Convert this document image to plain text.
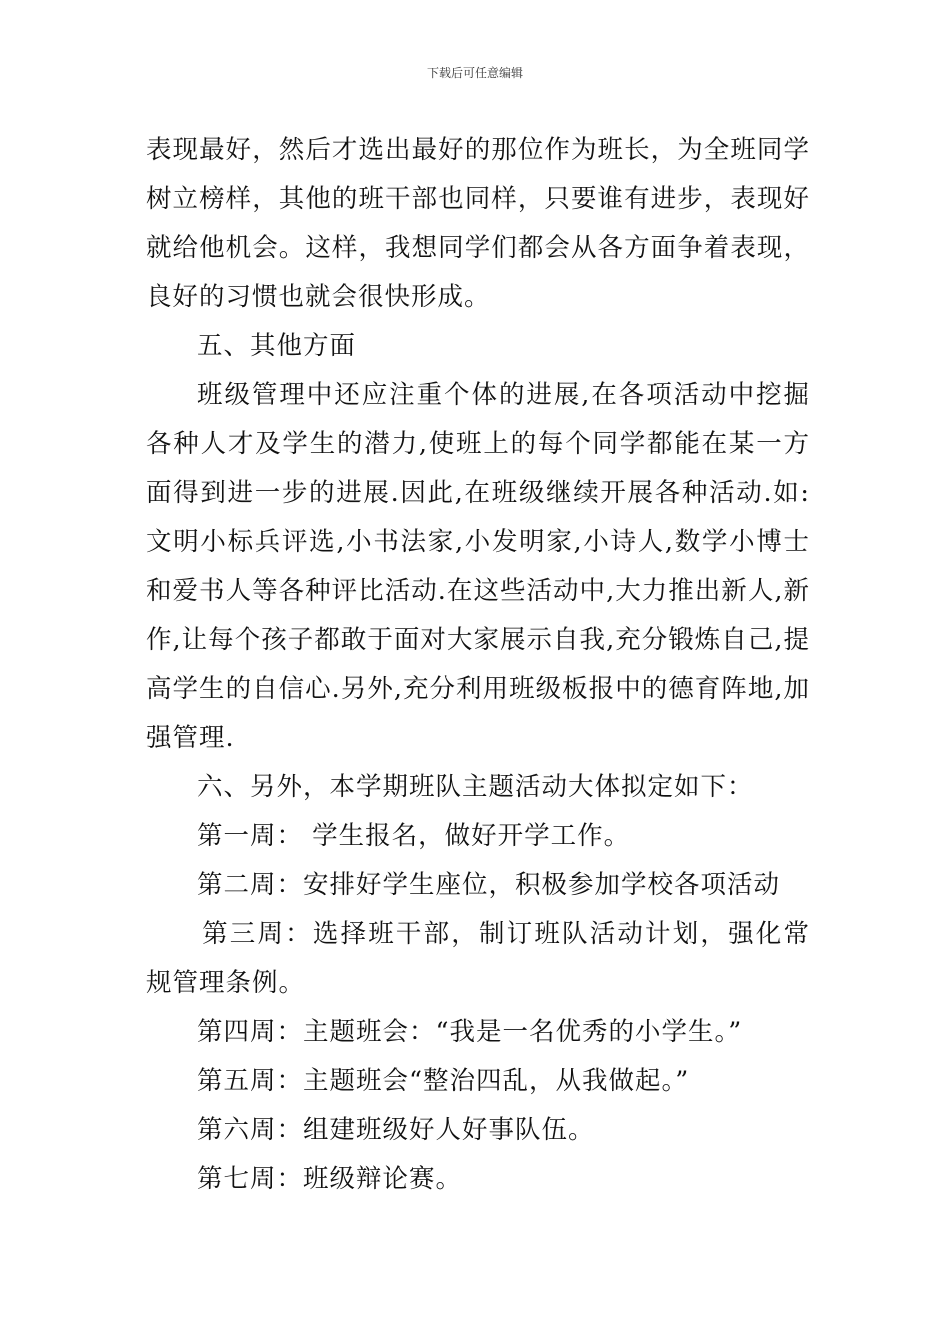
下载后可任意编辑

表现最好，然后才选出最好的那位作为班长，为全班同学树立榜样，其他的班干部也同样，只要谁有进步，表现好就给他机会。这样，我想同学们都会从各方面争着表现，良好的习惯也就会很快形成。

五、其他方面

班级管理中还应注重个体的进展,在各项活动中挖掘各种人才及学生的潜力,使班上的每个同学都能在某一方面得到进一步的进展.因此,在班级继续开展各种活动.如:文明小标兵评选,小书法家,小发明家,小诗人,数学小博士和爱书人等各种评比活动.在这些活动中,大力推出新人,新作,让每个孩子都敢于面对大家展示自我,充分锻炼自己,提高学生的自信心.另外,充分利用班级板报中的德育阵地,加强管理.

六、另外，本学期班队主题活动大体拟定如下：

第一周： 学生报名，做好开学工作。

第二周：安排好学生座位，积极参加学校各项活动

第三周：选择班干部，制订班队活动计划，强化常规管理条例。

第四周：主题班会：“我是一名优秀的小学生。”

第五周：主题班会“整治四乱，从我做起。”

第六周：组建班级好人好事队伍。

第七周：班级辩论赛。
